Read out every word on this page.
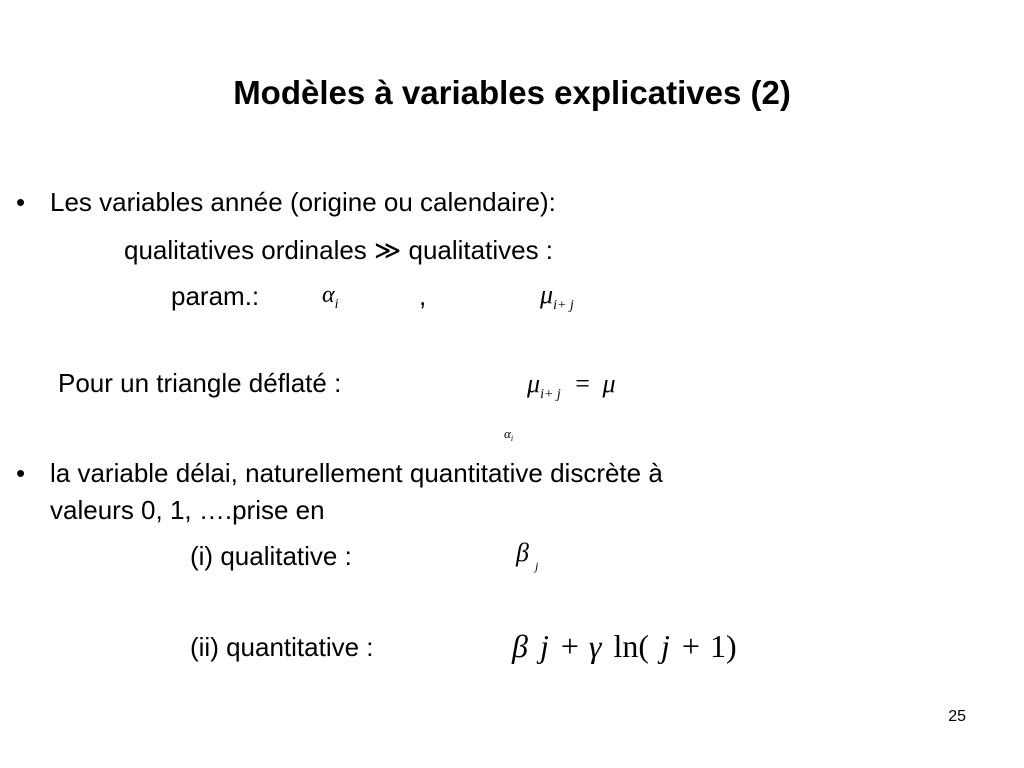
Modèles à variables explicatives (2)
• Les variables année (origine ou calendaire):
qualitatives ordinales ≫ qualitatives :
param.:	$\alpha_i$	,	$\mu_{i+ j}$
Pour un triangle déflaté :	$\mu_{i+ j} = \mu$
$\alpha_i$
• la variable délai, naturellement quantitative discrète à
valeurs 0, 1, ….prise en
(i) qualitative :	β $_j$
(ii) quantitative :	β j + γ ln( j + 1)
25
